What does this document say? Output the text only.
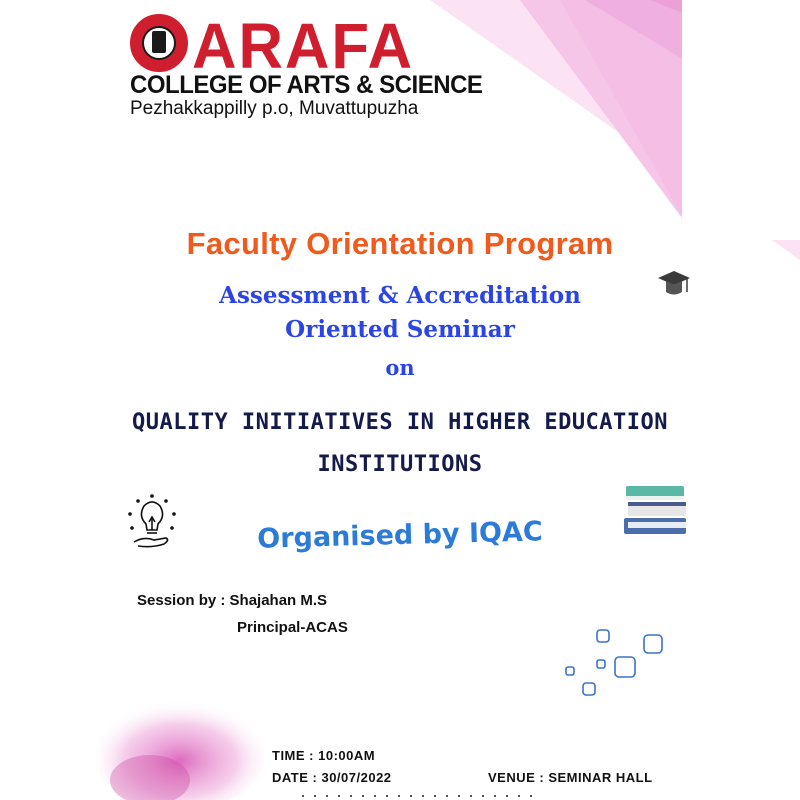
ARAFA
COLLEGE OF ARTS & SCIENCE
Pezhakkappilly p.o, Muvattupuzha
Faculty Orientation Program
Assessment & Accreditation
Oriented Seminar
on
QUALITY INITIATIVES IN HIGHER EDUCATION
INSTITUTIONS
Organised by IQAC
Session by : Shajahan M.S
Principal-ACAS
TIME : 10:00AM
DATE : 30/07/2022	VENUE : SEMINAR HALL
